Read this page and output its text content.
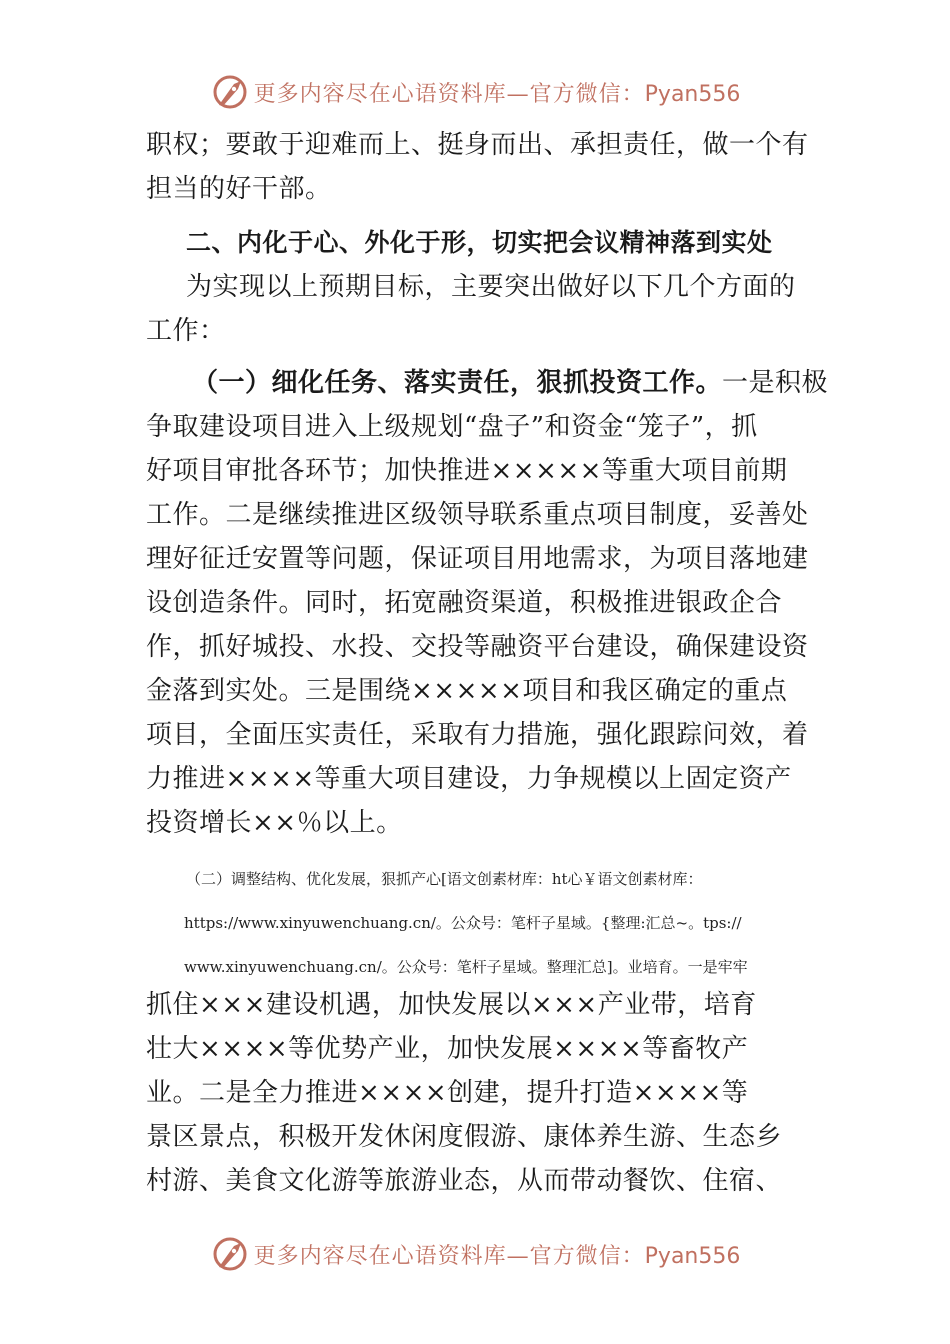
更多内容尽在心语资料库—官方微信：Pyan556
职权；要敢于迎难而上、挺身而出、承担责任，做一个有
担当的好干部。
二、内化于心、外化于形，切实把会议精神落到实处
为实现以上预期目标，主要突出做好以下几个方面的
工作：
（一）细化任务、落实责任，狠抓投资工作。一是积极
争取建设项目进入上级规划“盘子”和资金“笼子”，抓
好项目审批各环节；加快推进×××××等重大项目前期
工作。二是继续推进区级领导联系重点项目制度，妥善处
理好征迁安置等问题，保证项目用地需求，为项目落地建
设创造条件。同时，拓宽融资渠道，积极推进银政企合
作，抓好城投、水投、交投等融资平台建设，确保建设资
金落到实处。三是围绕×××××项目和我区确定的重点
项目，全面压实责任，采取有力措施，强化跟踪问效，着
力推进××××等重大项目建设，力争规模以上固定资产
投资增长××％以上。
（二）调整结构、优化发展，狠抓产心[语文创素材库：ht心￥语文创素材库：
https://www.xinyuwenchuang.cn/。公众号：笔杆子星域。{整理:汇总~。tps://
www.xinyuwenchuang.cn/。公众号：笔杆子星域。整理汇总]。业培育。一是牢牢
抓住×××建设机遇，加快发展以×××产业带，培育
壮大××××等优势产业，加快发展××××等畜牧产
业。二是全力推进××××创建，提升打造××××等
景区景点，积极开发休闲度假游、康体养生游、生态乡
村游、美食文化游等旅游业态，从而带动餐饮、住宿、
更多内容尽在心语资料库—官方微信：Pyan556
